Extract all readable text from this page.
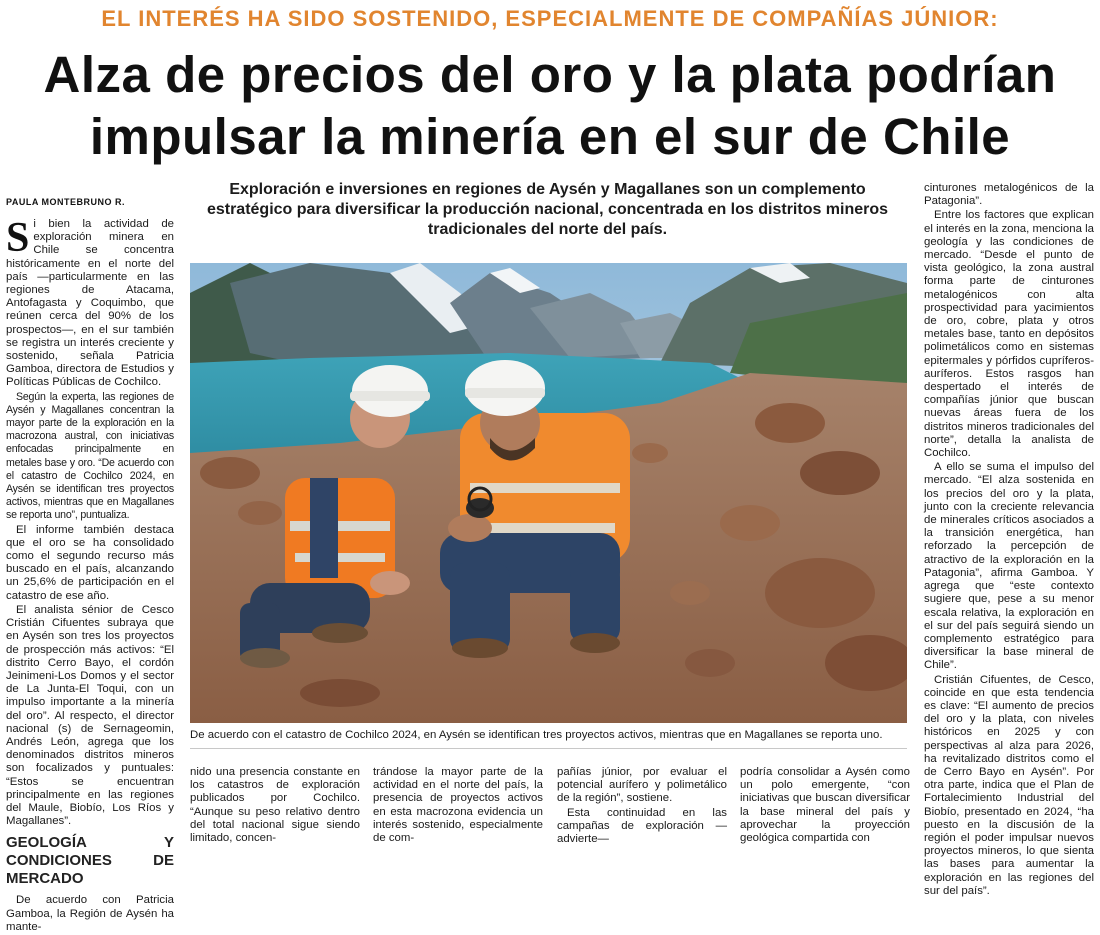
EL INTERÉS HA SIDO SOSTENIDO, ESPECIALMENTE DE COMPAÑÍAS JÚNIOR:
Alza de precios del oro y la plata podrían
impulsar la minería en el sur de Chile
PAULA MONTEBRUNO R.
Exploración e inversiones en regiones de Aysén y Magallanes son un complemento estratégico para diversificar la producción nacional, concentrada en los distritos mineros tradicionales del norte del país.

Si bien la actividad de exploración minera en Chile se concentra históricamente en el norte del país —particularmente en las regiones de Atacama, Antofagasta y Coquimbo, que reúnen cerca del 90% de los prospectos—, en el sur también se registra un interés creciente y sostenido, señala Patricia Gamboa, directora de Estudios y Políticas Públicas de Cochilco.

Según la experta, las regiones de Aysén y Magallanes concentran la mayor parte de la exploración en la macrozona austral, con iniciativas enfocadas principalmente en metales base y oro. “De acuerdo con el catastro de Cochilco 2024, en Aysén se identifican tres proyectos activos, mientras que en Magallanes se reporta uno”, puntualiza.

El informe también destaca que el oro se ha consolidado como el segundo recurso más buscado en el país, alcanzando un 25,6% de participación en el catastro de ese año.

El analista sénior de Cesco Cristián Cifuentes subraya que en Aysén son tres los proyectos de prospección más activos: “El distrito Cerro Bayo, el cordón Jeinimeni-Los Domos y el sector de La Junta-El Toqui, con un impulso importante a la minería del oro”. Al respecto, el director nacional (s) de Sernageomin, Andrés León, agrega que los denominados distritos mineros son focalizados y puntuales: “Estos se encuentran principalmente en las regiones del Maule, Biobío, Los Ríos y Magallanes”.

GEOLOGÍA Y CONDICIONES DE MERCADO

De acuerdo con Patricia Gamboa, la Región de Aysén ha mante-

De acuerdo con el catastro de Cochilco 2024, en Aysén se identifican tres proyectos activos, mientras que en Magallanes se reporta uno.

nido una presencia constante en los catastros de exploración publicados por Cochilco. “Aunque su peso relativo dentro del total nacional sigue siendo limitado, concen-

trándose la mayor parte de la actividad en el norte del país, la presencia de proyectos activos en esta macrozona evidencia un interés sostenido, especialmente de com-

pañías júnior, por evaluar el potencial aurífero y polimetálico de la región”, sostiene.

Esta continuidad en las campañas de exploración —advierte—

podría consolidar a Aysén como un polo emergente, “con iniciativas que buscan diversificar la base mineral del país y aprovechar la proyección geológica compartida con

cinturones metalogénicos de la Patagonia”.

Entre los factores que explican el interés en la zona, menciona la geología y las condiciones de mercado. “Desde el punto de vista geológico, la zona austral forma parte de cinturones metalogénicos con alta prospectividad para yacimientos de oro, cobre, plata y otros metales base, tanto en depósitos polimetálicos como en sistemas epitermales y pórfidos cupríferos-auríferos. Estos rasgos han despertado el interés de compañías júnior que buscan nuevas áreas fuera de los distritos mineros tradicionales del norte”, detalla la analista de Cochilco.

A ello se suma el impulso del mercado. “El alza sostenida en los precios del oro y la plata, junto con la creciente relevancia de minerales críticos asociados a la transición energética, han reforzado la percepción de atractivo de la exploración en la Patagonia”, afirma Gamboa. Y agrega que “este contexto sugiere que, pese a su menor escala relativa, la exploración en el sur del país seguirá siendo un complemento estratégico para diversificar la base mineral de Chile”.

Cristián Cifuentes, de Cesco, coincide en que esta tendencia es clave: “El aumento de precios del oro y la plata, con niveles históricos en 2025 y con perspectivas al alza para 2026, ha revitalizado distritos como el de Cerro Bayo en Aysén”. Por otra parte, indica que el Plan de Fortalecimiento Industrial del Biobío, presentado en 2024, “ha puesto en la discusión de la región el poder impulsar nuevos proyectos mineros, lo que sienta las bases para aumentar la exploración en las regiones del sur del país”.
